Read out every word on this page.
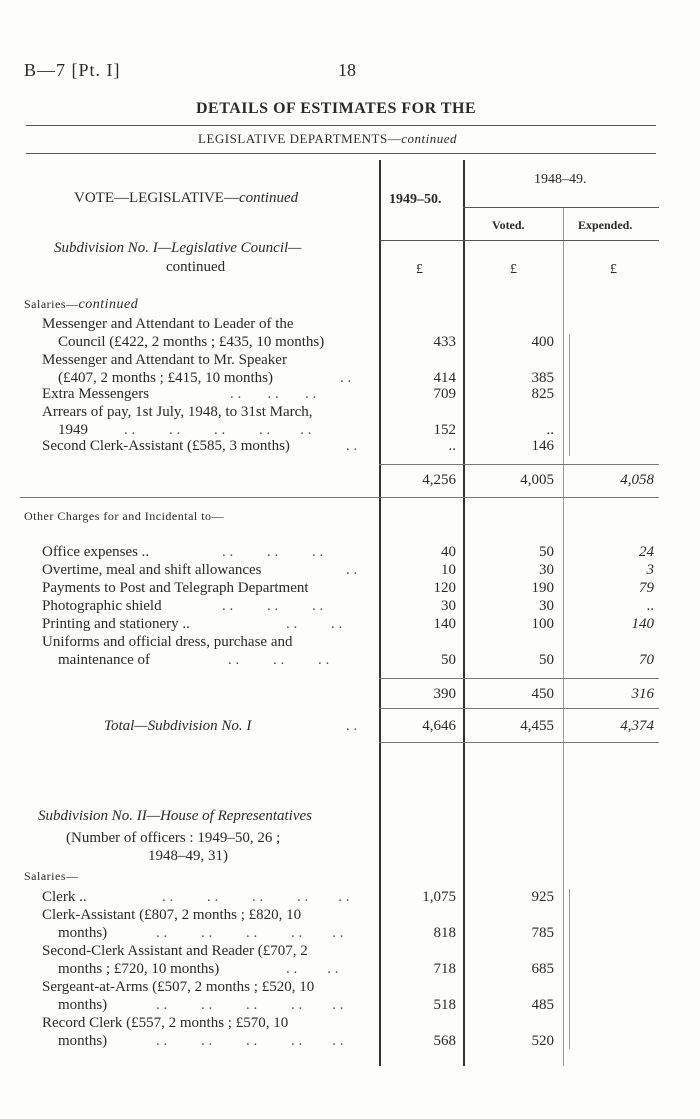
B—7 [Pt. I]	18
DETAILS OF ESTIMATES FOR THE
LEGISLATIVE DEPARTMENTS—continued
VOTE—LEGISLATIVE—continued	1949–50.
1948–49.
Voted.	Expended.
Subdivision No. I—Legislative Council—
continued	£	£	£
Salaries—continued
Messenger and Attendant to Leader of the
Council (£422, 2 months ; £435, 10 months)	433	400
Messenger and Attendant to Mr. Speaker
(£407, 2 months ; £415, 10 months)	. .	414	385
Extra Messengers	. .       . .       . .	709	825
Arrears of pay, 1st July, 1948, to 31st March,
1949 . .         . .         . .         . .        . .	152	..
Second Clerk-Assistant (£585, 3 months)	. .	..	146
4,256	4,005	4,058
Other Charges for and Incidental to—
Office expenses ..	. .         . .         . .	40	50	24
Overtime, meal and shift allowances	. .	10	30	3
Payments to Post and Telegraph Department	120	190	79
Photographic shield	. .         . .         . .	30	30	..
Printing and stationery ..	. .         . .	140	100	140
Uniforms and official dress, purchase and
maintenance of	. .         . .         . .	50	50	70
390	450	316
Total—Subdivision No. I	. .	4,646	4,455	4,374
Subdivision No. II—House of Representatives
(Number of officers : 1949–50, 26 ;
1948–49, 31)
Salaries—
Clerk ..	. .         . .         . .         . .        . .	1,075	925
Clerk-Assistant (£807, 2 months ; £820, 10
months)	. .         . .         . .         . .        . .	818	785
Second-Clerk Assistant and Reader (£707, 2
months ; £720, 10 months)	. .        . .	718	685
Sergeant-at-Arms (£507, 2 months ; £520, 10
months)	. .         . .         . .         . .        . .	518	485
Record Clerk (£557, 2 months ; £570, 10
months)	. .         . .         . .         . .        . .	568	520
